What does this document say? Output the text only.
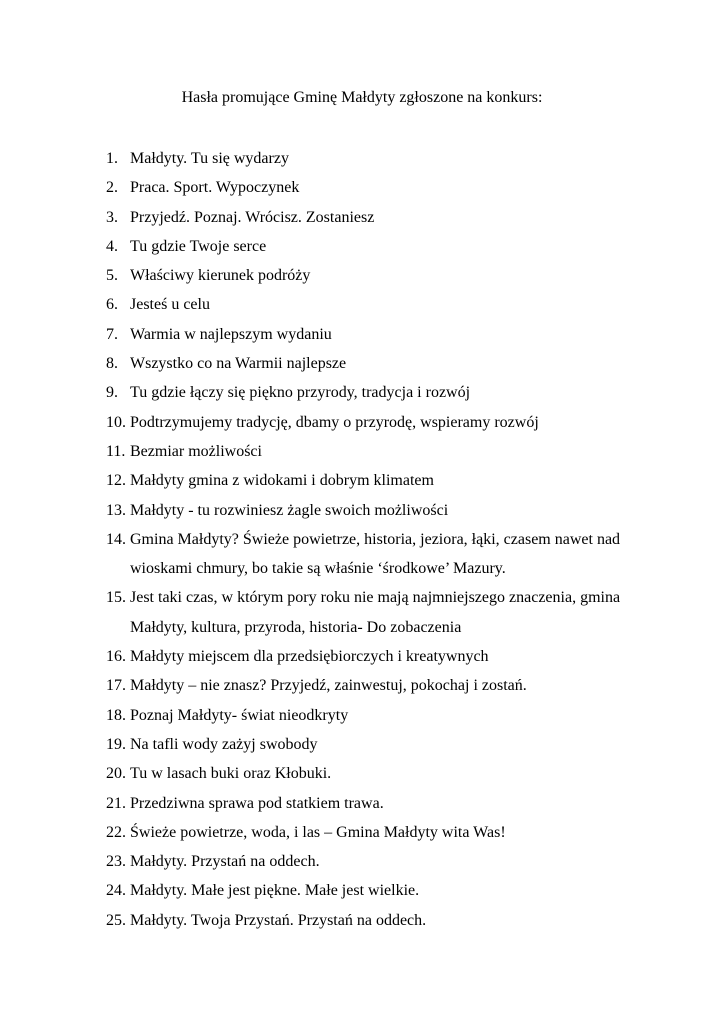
Hasła promujące Gminę Małdyty zgłoszone na konkurs:
1. Małdyty. Tu się wydarzy
2. Praca. Sport. Wypoczynek
3. Przyjedź. Poznaj. Wrócisz. Zostaniesz
4. Tu gdzie Twoje serce
5. Właściwy kierunek podróży
6. Jesteś u celu
7. Warmia w najlepszym wydaniu
8. Wszystko co na Warmii najlepsze
9. Tu gdzie łączy się piękno przyrody, tradycja i rozwój
10. Podtrzymujemy tradycję, dbamy o przyrodę, wspieramy rozwój
11. Bezmiar możliwości
12. Małdyty gmina z widokami i dobrym klimatem
13. Małdyty - tu rozwiniesz żagle swoich możliwości
14. Gmina Małdyty? Świeże powietrze, historia, jeziora, łąki, czasem nawet nad wioskami chmury, bo takie są właśnie ‘środkowe’ Mazury.
15. Jest taki czas, w którym pory roku nie mają najmniejszego znaczenia, gmina Małdyty, kultura, przyroda, historia- Do zobaczenia
16. Małdyty miejscem dla przedsiębiorczych i kreatywnych
17. Małdyty – nie znasz? Przyjedź, zainwestuj, pokochaj i zostań.
18. Poznaj Małdyty- świat nieodkryty
19. Na tafli wody zażyj swobody
20. Tu w lasach buki oraz Kłobuki.
21. Przedziwna sprawa pod statkiem trawa.
22. Świeże powietrze, woda, i las – Gmina Małdyty wita Was!
23. Małdyty. Przystań na oddech.
24. Małdyty. Małe jest piękne. Małe jest wielkie.
25. Małdyty. Twoja Przystań. Przystań na oddech.
